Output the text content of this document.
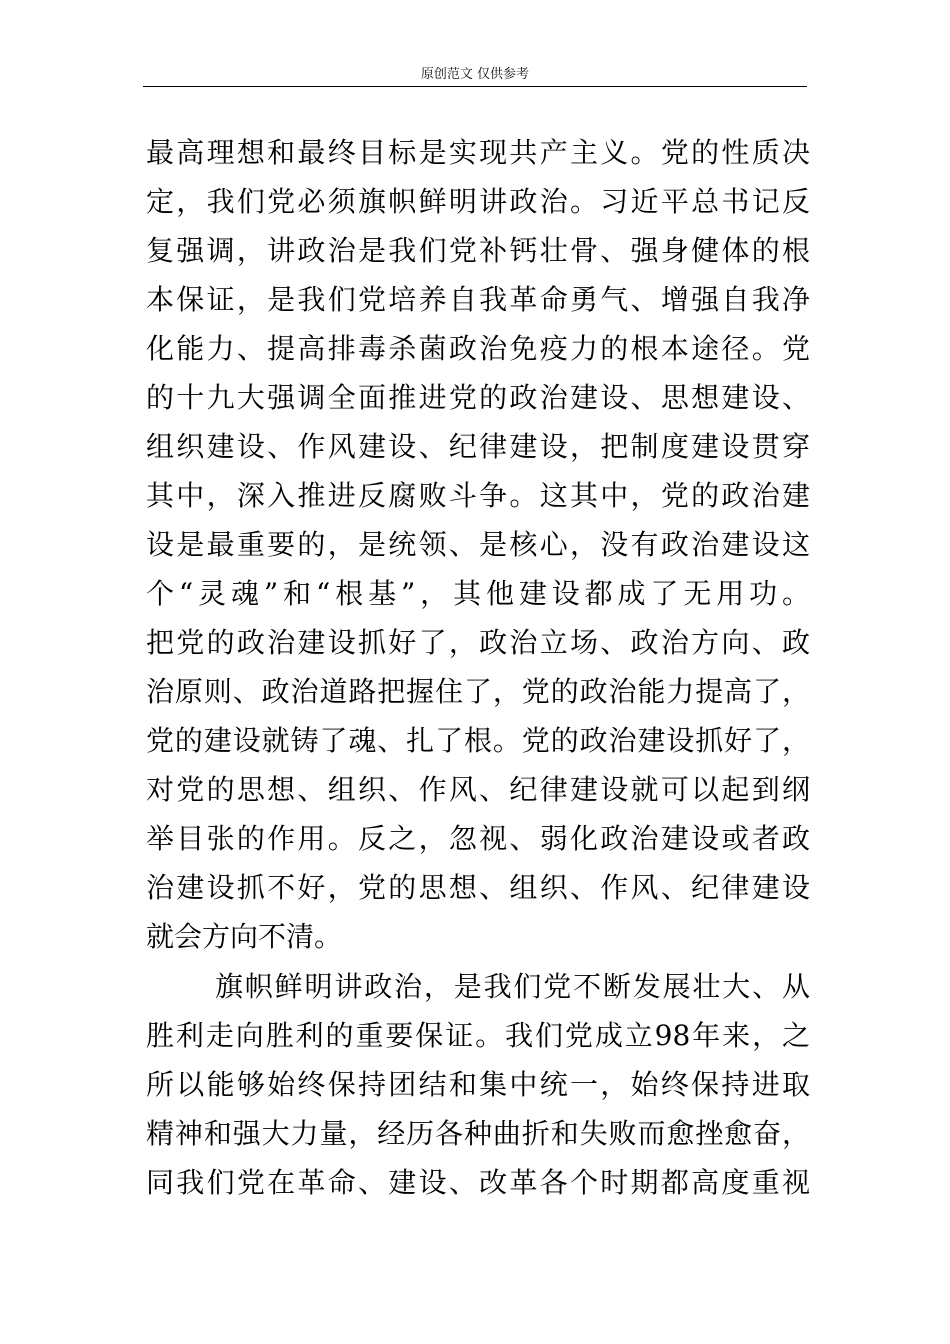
原创范文 仅供参考
最高理想和最终目标是实现共产主义。党的性质决
定，我们党必须旗帜鲜明讲政治。习近平总书记反
复强调，讲政治是我们党补钙壮骨、强身健体的根
本保证，是我们党培养自我革命勇气、增强自我净
化能力、提高排毒杀菌政治免疫力的根本途径。党
的十九大强调全面推进党的政治建设、思想建设、
组织建设、作风建设、纪律建设，把制度建设贯穿
其中，深入推进反腐败斗争。这其中，党的政治建
设是最重要的，是统领、是核心，没有政治建设这
个“灵魂”和“根基”，其他建设都成了无用功。
把党的政治建设抓好了，政治立场、政治方向、政
治原则、政治道路把握住了，党的政治能力提高了，
党的建设就铸了魂、扎了根。党的政治建设抓好了，
对党的思想、组织、作风、纪律建设就可以起到纲
举目张的作用。反之，忽视、弱化政治建设或者政
治建设抓不好，党的思想、组织、作风、纪律建设
就会方向不清。
旗帜鲜明讲政治，是我们党不断发展壮大、从
胜利走向胜利的重要保证。我们党成立98年来，之
所以能够始终保持团结和集中统一，始终保持进取
精神和强大力量，经历各种曲折和失败而愈挫愈奋，
同我们党在革命、建设、改革各个时期都高度重视
